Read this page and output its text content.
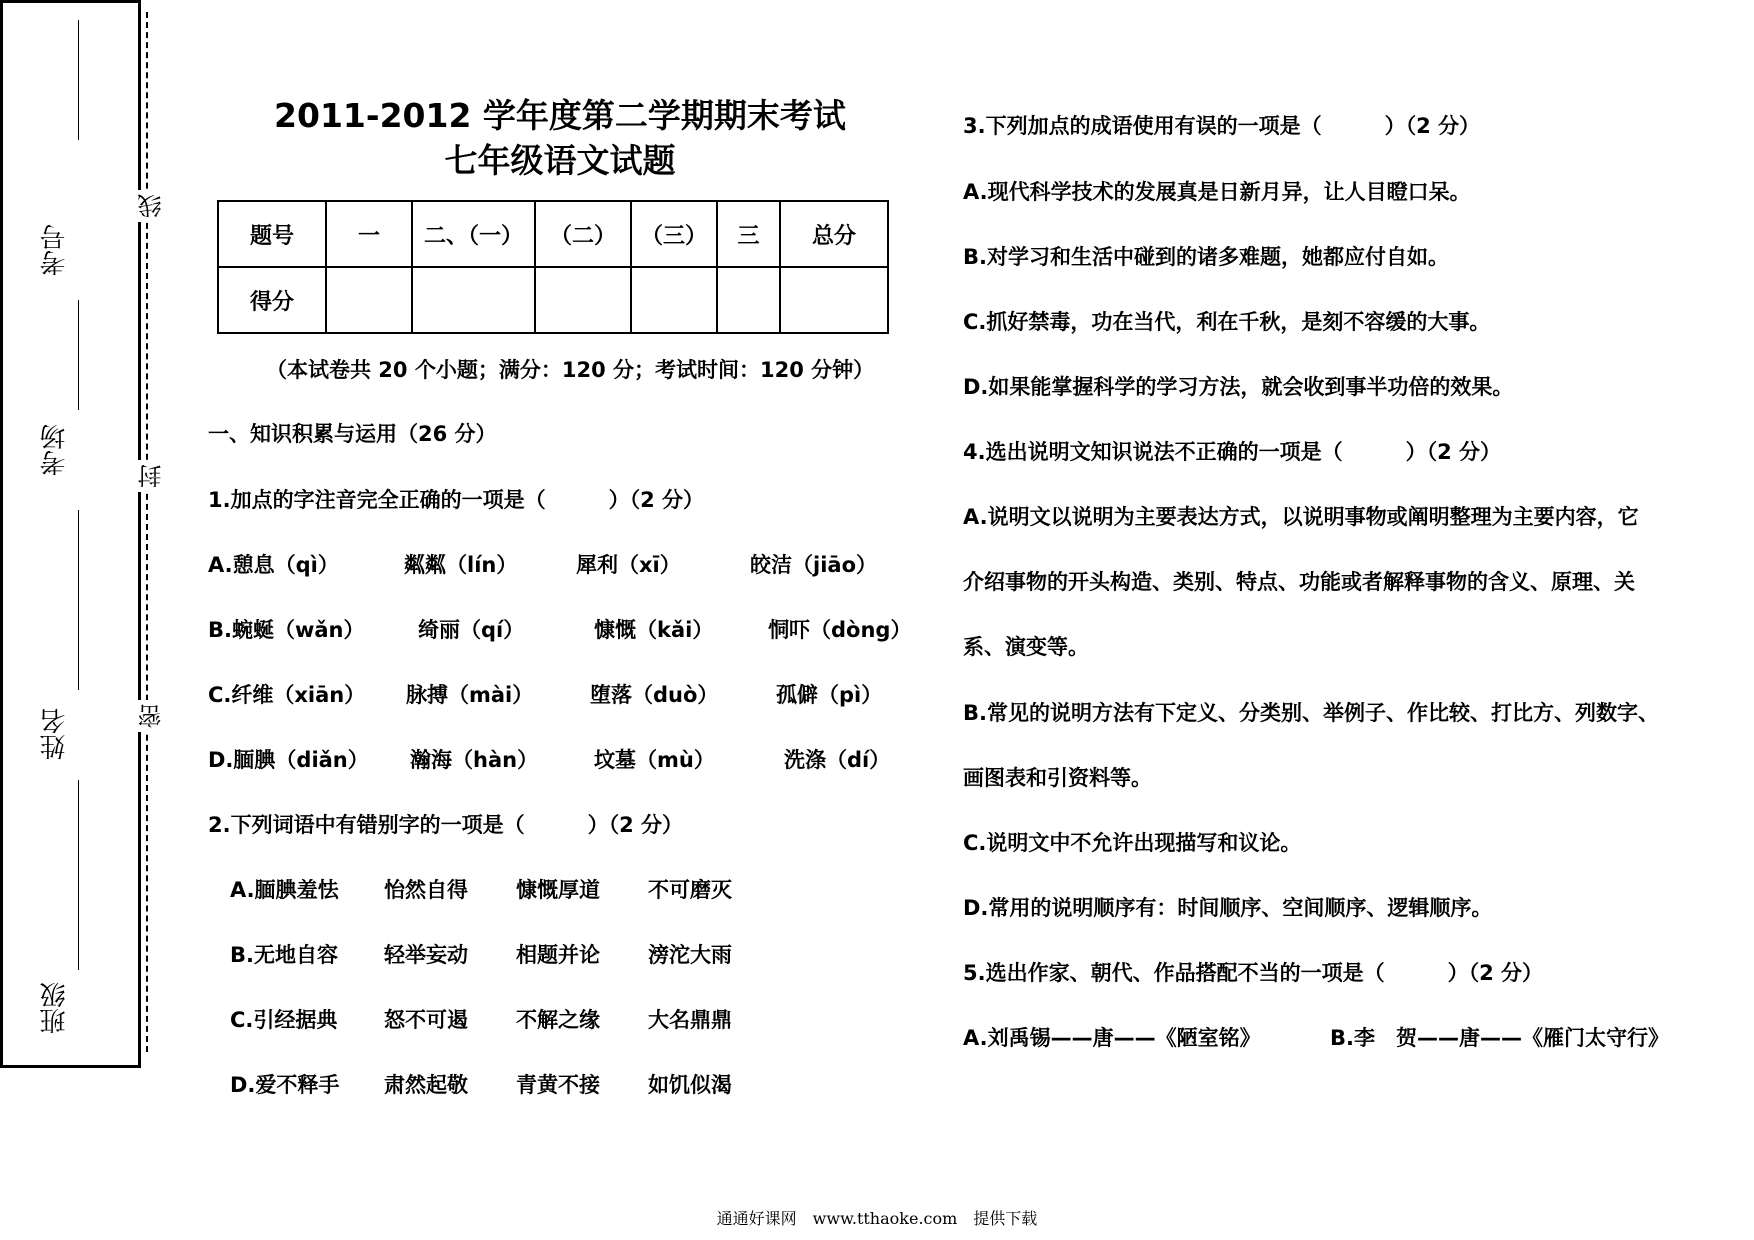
考号
考场
姓名
班级
线
封
密
2011-2012 学年度第二学期期末考试
七年级语文试题
题号	一	二、（一）	（二）	（三）	三	总分
得分						
（本试卷共 20 个小题；满分：120 分；考试时间：120 分钟）
一、知识积累与运用（26 分）
1.加点的字注音完全正确的一项是（　　　）（2 分）
A.憩息（qì）	粼粼（lín）	犀利（xī）	皎洁（jiāo）
B.蜿蜒（wǎn）	绮丽（qí）	慷慨（kǎi）	恫吓（dòng）
C.纤维（xiān） 脉搏（mài）	堕落（duò）	孤僻（pì）
D.腼腆（diǎn） 瀚海（hàn）	坟墓（mù）	洗涤（dí）
2.下列词语中有错别字的一项是（　　　）（2 分）
A.腼腆羞怯 怡然自得 慷慨厚道 不可磨灭
B.无地自容 轻举妄动 相题并论 滂沱大雨
C.引经据典 怒不可遏 不解之缘 大名鼎鼎
D.爱不释手 肃然起敬 青黄不接 如饥似渴
3.下列加点的成语使用有误的一项是（　　　）（2 分）
A.现代科学技术的发展真是日新月异，让人目瞪口呆。
B.对学习和生活中碰到的诸多难题，她都应付自如。
C.抓好禁毒，功在当代，利在千秋，是刻不容缓的大事。
D.如果能掌握科学的学习方法，就会收到事半功倍的效果。
4.选出说明文知识说法不正确的一项是（　　　）（2 分）
A.说明文以说明为主要表达方式，以说明事物或阐明整理为主要内容，它
介绍事物的开头构造、类别、特点、功能或者解释事物的含义、原理、关
系、演变等。
B.常见的说明方法有下定义、分类别、举例子、作比较、打比方、列数字、
画图表和引资料等。
C.说明文中不允许出现描写和议论。
D.常用的说明顺序有：时间顺序、空间顺序、逻辑顺序。
5.选出作家、朝代、作品搭配不当的一项是（　　　）（2 分）
A.刘禹锡——唐——《陋室铭》	B.李　贺——唐——《雁门太守行》
通通好课网　www.tthaoke.com　提供下载
